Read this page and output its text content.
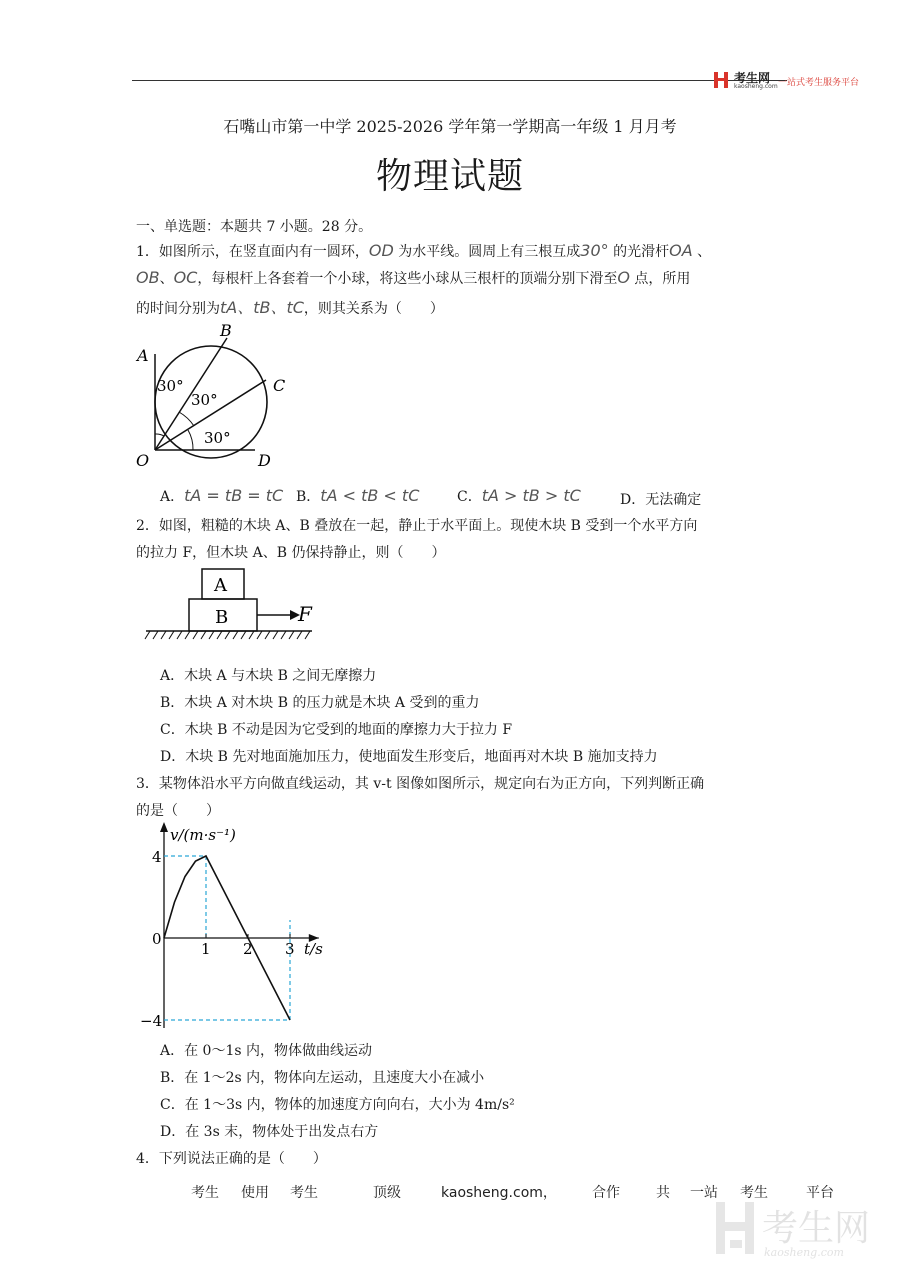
考生网
kaosheng.com 一站式考生服务平台
石嘴山市第一中学 2025-2026 学年第一学期高一年级 1 月月考
物理试题
一、单选题：本题共 7 小题。28 分。
1．如图所示，在竖直面内有一圆环，OD 为水平线。圆周上有三根互成30° 的光滑杆OA 、
OB、OC，每根杆上各套着一个小球，将这些小球从三根杆的顶端分别下滑至O 点，所用
的时间分别为tA、tB、tC，则其关系为（　　）
A
B
C
O	D
30°
30°
30°
A．tA = tB = tC B．tA < tB < tC	C．tA > tB > tC	D．无法确定
2．如图，粗糙的木块 A、B 叠放在一起，静止于水平面上。现使木块 B 受到一个水平方向
的拉力 F，但木块 A、B 仍保持静止，则（　　）
A
B	F
A．木块 A 与木块 B 之间无摩擦力
B．木块 A 对木块 B 的压力就是木块 A 受到的重力
C．木块 B 不动是因为它受到的地面的摩擦力大于拉力 F
D．木块 B 先对地面施加压力，使地面发生形变后，地面再对木块 B 施加支持力
3．某物体沿水平方向做直线运动，其 v-t 图像如图所示，规定向右为正方向，下列判断正确
的是（　　）
1 2 3
4
0
−4
v/(m·s⁻¹)
t/s
A．在 0～1s 内，物体做曲线运动
B．在 1～2s 内，物体向左运动，且速度大小在减小
C．在 1～3s 内，物体的加速度方向向右，大小为 4m/s²
D．在 3s 末，物体处于出发点右方
4．下列说法正确的是（　　）
考生 使用 考生	顶级	kaosheng.com，	合作	共 一站 考生	平台
考生网
kaosheng.com
